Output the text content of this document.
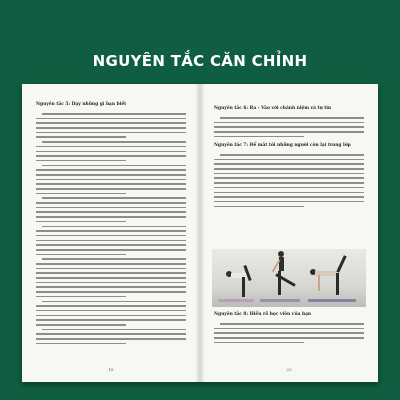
NGUYÊN TẮC CĂN CHỈNH
Nguyên tắc 5: Dạy những gì bạn biết
18
Nguyên tắc 6: Ra - Vào với chánh niệm và tự tin
Nguyên tắc 7: Để mắt tới những người còn lại trong lớp
Nguyên tắc 8: Hiểu rõ học viên của bạn
23
